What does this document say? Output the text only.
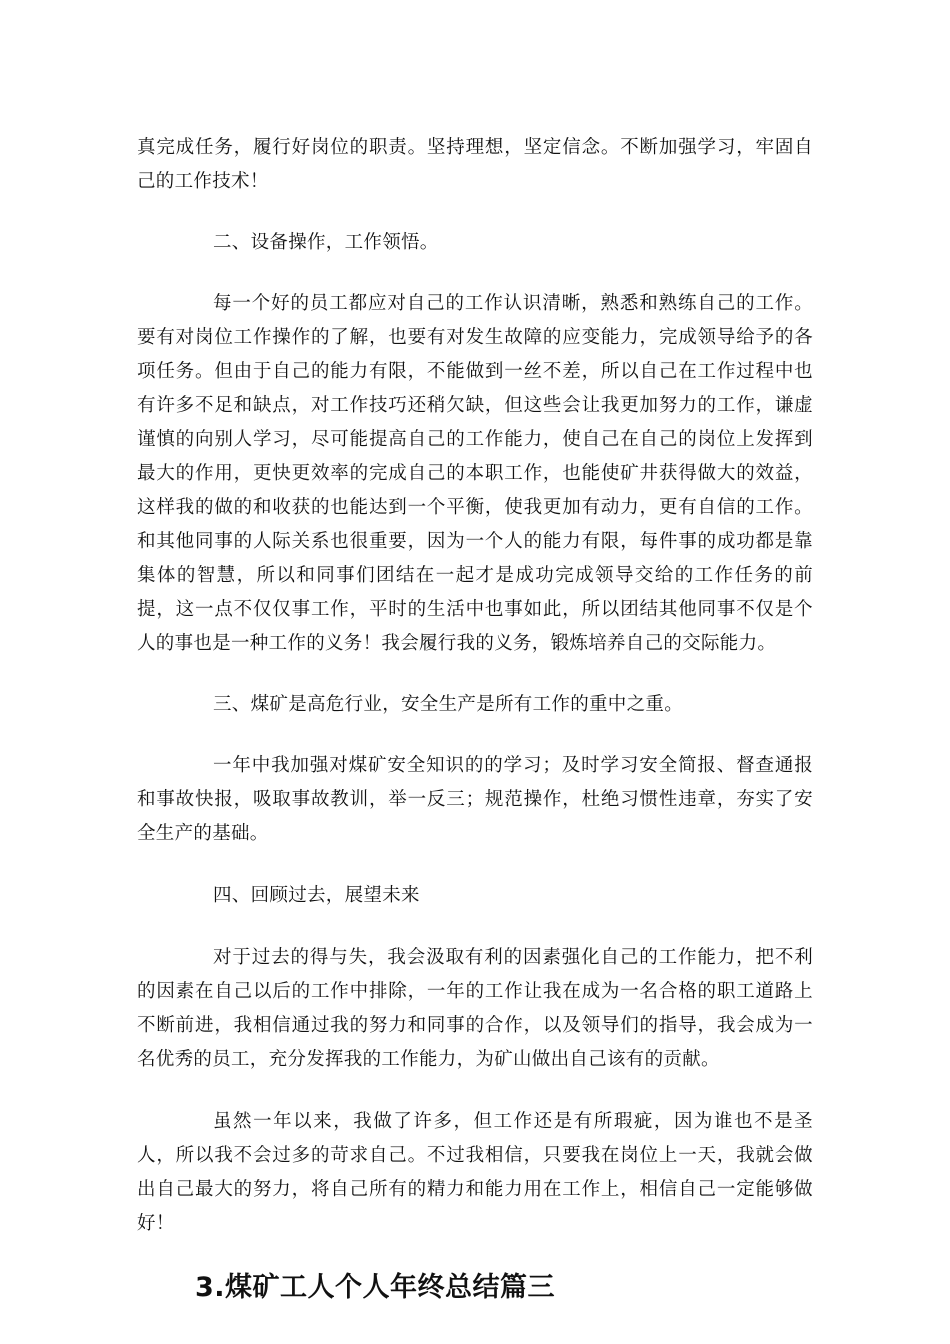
真完成任务，履行好岗位的职责。坚持理想，坚定信念。不断加强学习，牢固自己的工作技术！

二、设备操作，工作领悟。

每一个好的员工都应对自己的工作认识清晰，熟悉和熟练自己的工作。要有对岗位工作操作的了解，也要有对发生故障的应变能力，完成领导给予的各项任务。但由于自己的能力有限，不能做到一丝不差，所以自己在工作过程中也有许多不足和缺点，对工作技巧还稍欠缺，但这些会让我更加努力的工作，谦虚谨慎的向别人学习，尽可能提高自己的工作能力，使自己在自己的岗位上发挥到最大的作用，更快更效率的完成自己的本职工作，也能使矿井获得做大的效益，这样我的做的和收获的也能达到一个平衡，使我更加有动力，更有自信的工作。和其他同事的人际关系也很重要，因为一个人的能力有限，每件事的成功都是靠集体的智慧，所以和同事们团结在一起才是成功完成领导交给的工作任务的前提，这一点不仅仅事工作，平时的生活中也事如此，所以团结其他同事不仅是个人的事也是一种工作的义务！我会履行我的义务，锻炼培养自己的交际能力。

三、煤矿是高危行业，安全生产是所有工作的重中之重。

一年中我加强对煤矿安全知识的的学习；及时学习安全简报、督查通报和事故快报，吸取事故教训，举一反三；规范操作，杜绝习惯性违章，夯实了安全生产的基础。

四、回顾过去，展望未来

对于过去的得与失，我会汲取有利的因素强化自己的工作能力，把不利的因素在自己以后的工作中排除，一年的工作让我在成为一名合格的职工道路上不断前进，我相信通过我的努力和同事的合作，以及领导们的指导，我会成为一名优秀的员工，充分发挥我的工作能力，为矿山做出自己该有的贡献。

虽然一年以来，我做了许多，但工作还是有所瑕疵，因为谁也不是圣人，所以我不会过多的苛求自己。不过我相信，只要我在岗位上一天，我就会做出自己最大的努力，将自己所有的精力和能力用在工作上，相信自己一定能够做好！

3.煤矿工人个人年终总结篇三
